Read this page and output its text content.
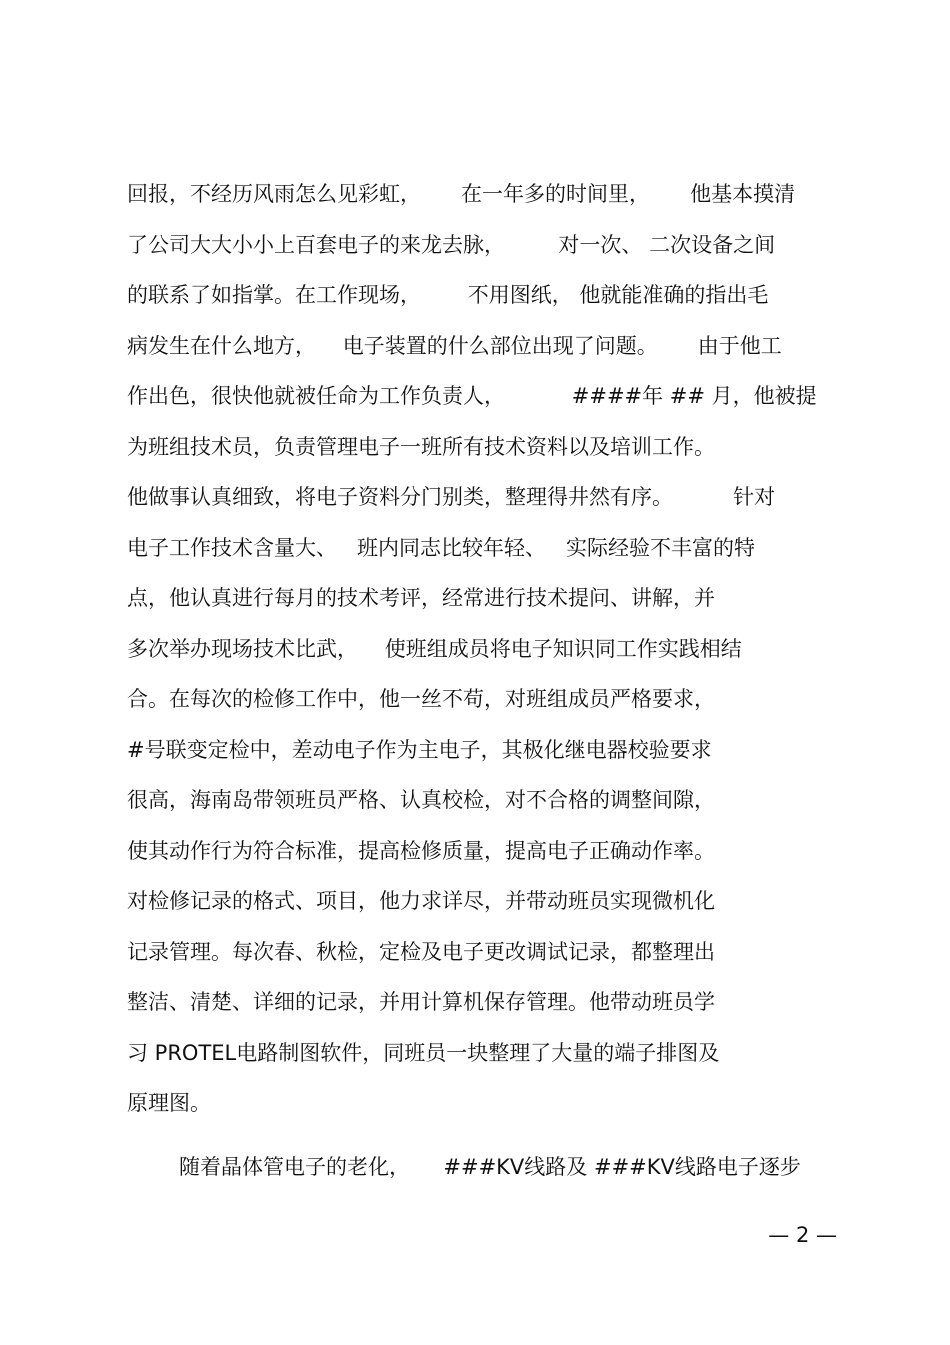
回报，不经历风雨怎么见彩虹，      在一年多的时间里，      他基本摸清
了公司大大小小上百套电子的来龙去脉，        对一次、 二次设备之间
的联系了如指掌。在工作现场，       不用图纸， 他就能准确的指出毛
病发生在什么地方，    电子装置的什么部位出现了问题。      由于他工
作出色，很快他就被任命为工作负责人，          ####年 ## 月，他被提
为班组技术员，负责管理电子一班所有技术资料以及培训工作。
他做事认真细致，将电子资料分门别类，整理得井然有序。         针对
电子工作技术含量大、   班内同志比较年轻、   实际经验不丰富的特
点，他认真进行每月的技术考评，经常进行技术提问、讲解，并
多次举办现场技术比武，    使班组成员将电子知识同工作实践相结
合。在每次的检修工作中，他一丝不苟，对班组成员严格要求，
#号联变定检中，差动电子作为主电子，其极化继电器校验要求
很高，海南岛带领班员严格、认真校检，对不合格的调整间隙，
使其动作行为符合标准，提高检修质量，提高电子正确动作率。
对检修记录的格式、项目，他力求详尽，并带动班员实现微机化
记录管理。每次春、秋检，定检及电子更改调试记录，都整理出
整洁、清楚、详细的记录，并用计算机保存管理。他带动班员学
习 PROTEL电路制图软件，同班员一块整理了大量的端子排图及
原理图。
随着晶体管电子的老化，     ###KV线路及 ###KV线路电子逐步
— 2 —
